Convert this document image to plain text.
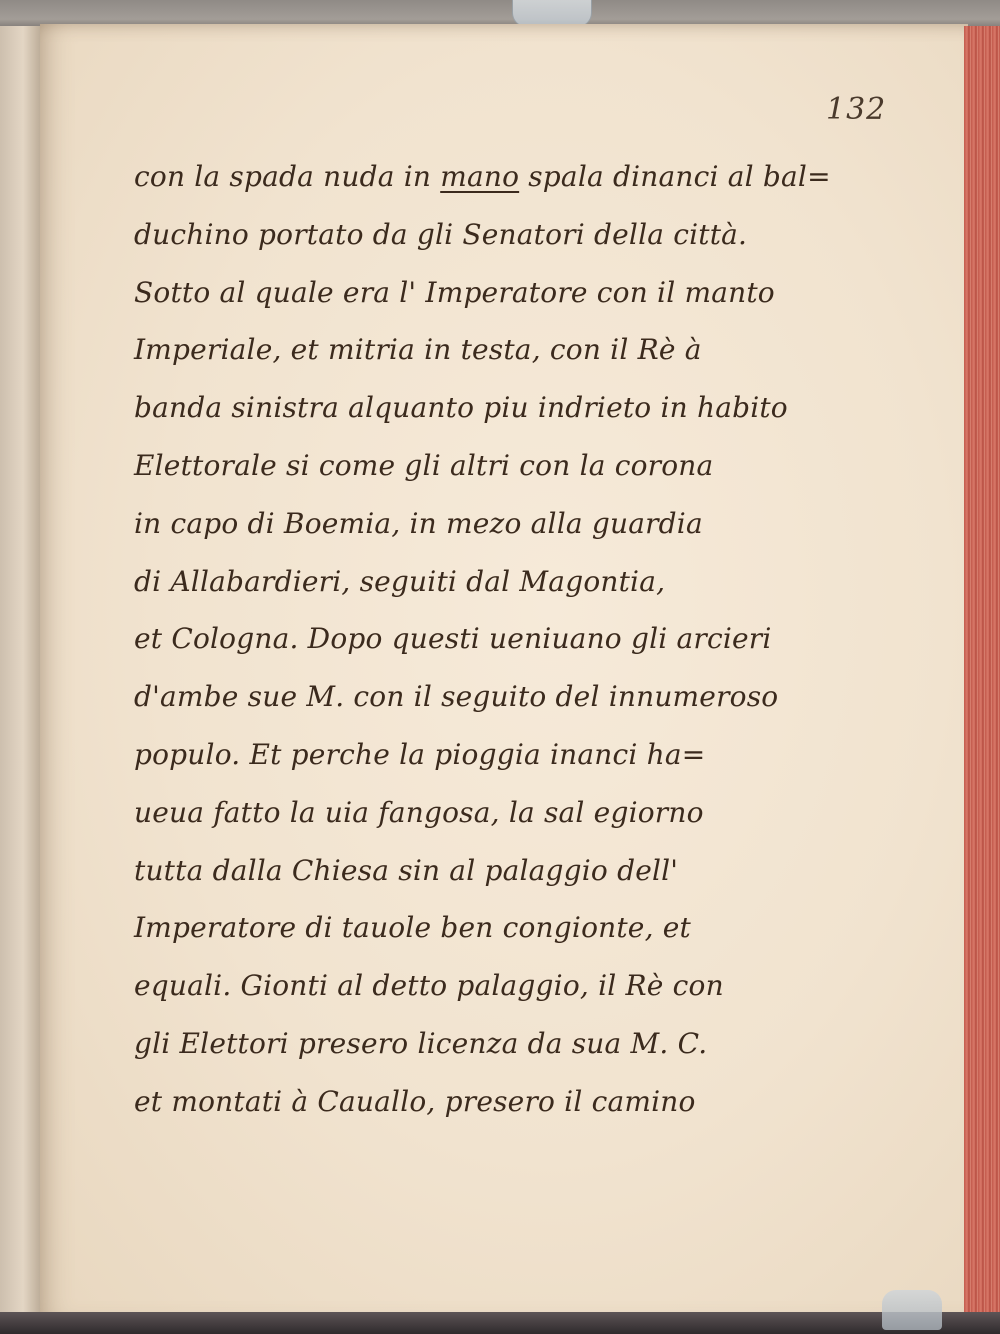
132
con la spada nuda in mano spala dinanci al bal=
duchino portato da gli Senatori della città.
Sotto al quale era l' Imperatore con il manto
Imperiale, et mitria in testa, con il Rè à
banda sinistra alquanto piu indrieto in habito
Elettorale si come gli altri con la corona
in capo di Boemia, in mezo alla guardia
di Allabardieri, seguiti dal Magontia,
et Cologna. Dopo questi ueniuano gli arcieri
d'ambe sue M. con il seguito del innumeroso
populo. Et perche la pioggia inanci ha=
ueua fatto la uia fangosa, la sal egiorno
tutta dalla Chiesa sin al palaggio dell'
Imperatore di tauole ben congionte, et
equali. Gionti al detto palaggio, il Rè con
gli Elettori presero licenza da sua M. C.
et montati à Cauallo, presero il camino
